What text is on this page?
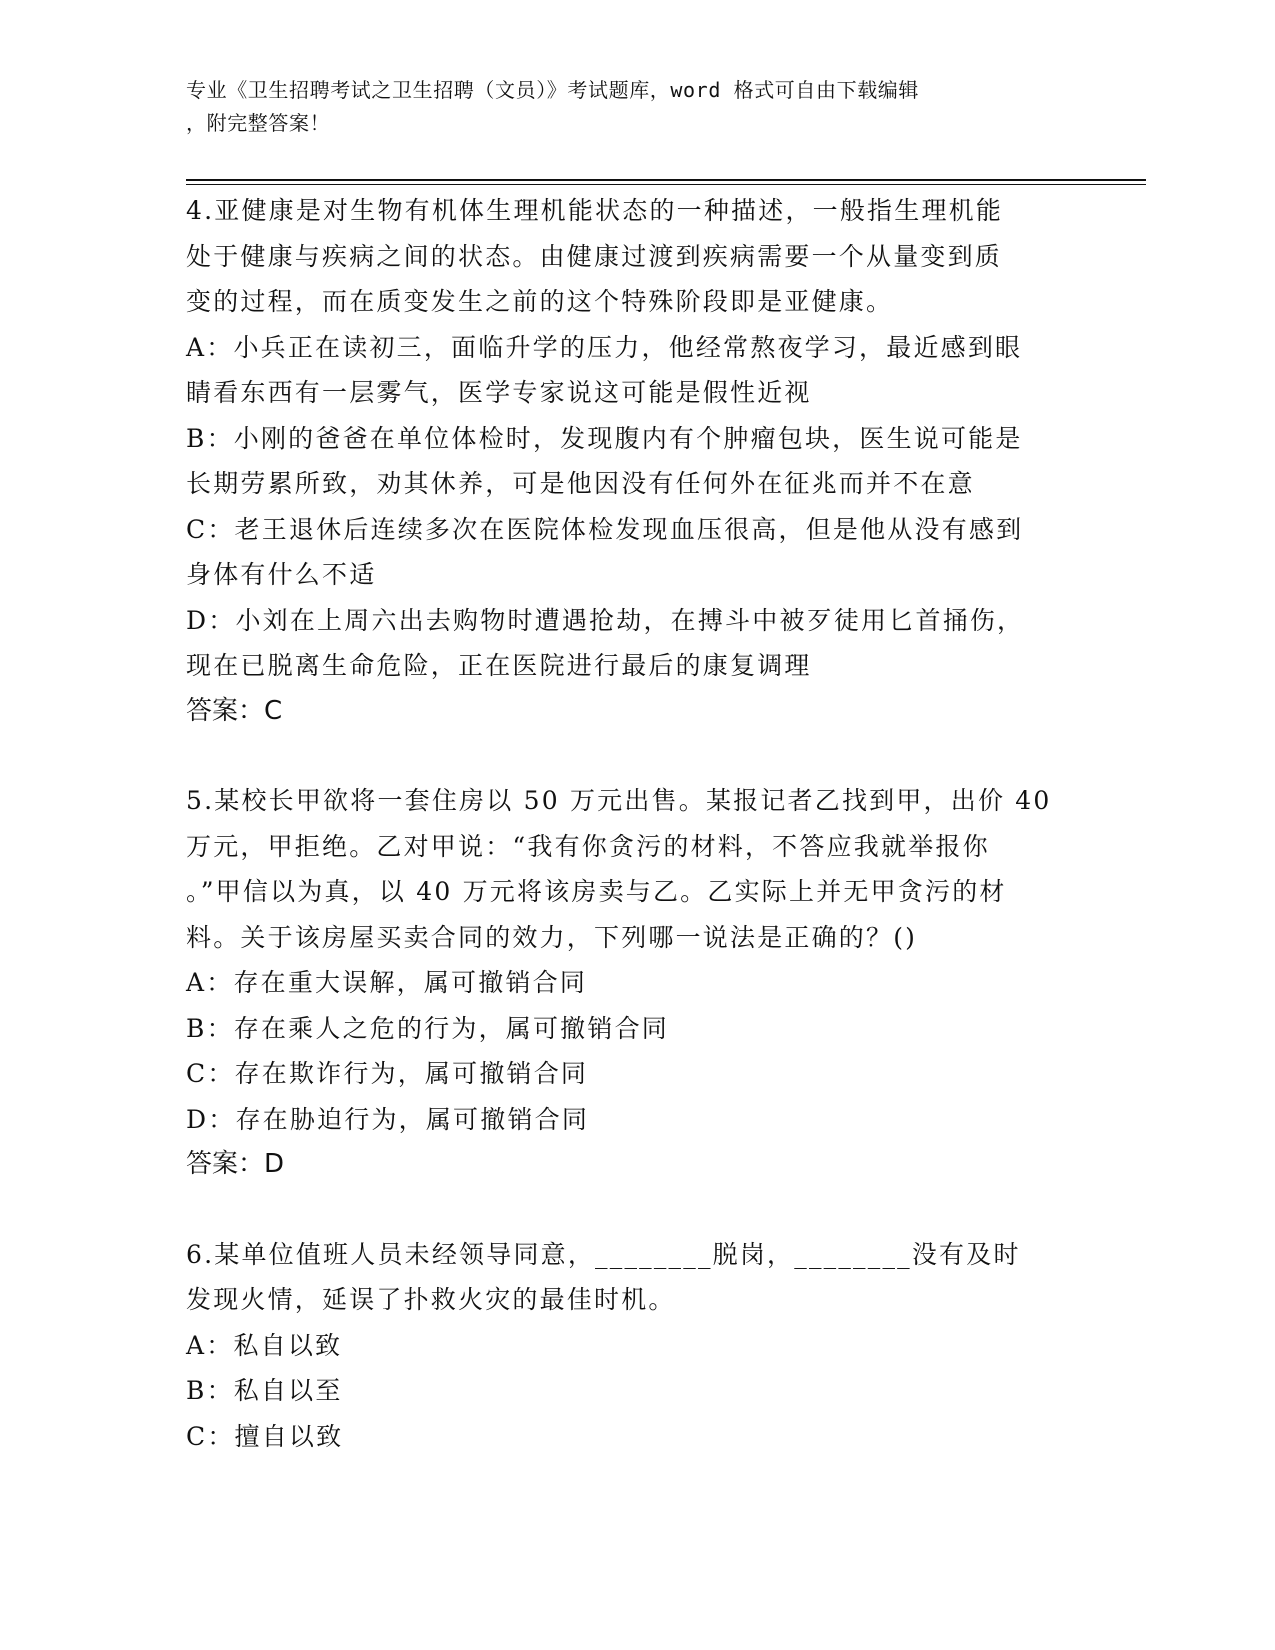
专业《卫生招聘考试之卫生招聘（文员）》考试题库，word 格式可自由下载编辑
，附完整答案！
4.亚健康是对生物有机体生理机能状态的一种描述，一般指生理机能
处于健康与疾病之间的状态。由健康过渡到疾病需要一个从量变到质
变的过程，而在质变发生之前的这个特殊阶段即是亚健康。
A：小兵正在读初三，面临升学的压力，他经常熬夜学习，最近感到眼
睛看东西有一层雾气，医学专家说这可能是假性近视
B：小刚的爸爸在单位体检时，发现腹内有个肿瘤包块，医生说可能是
长期劳累所致，劝其休养，可是他因没有任何外在征兆而并不在意
C：老王退休后连续多次在医院体检发现血压很高，但是他从没有感到
身体有什么不适
D：小刘在上周六出去购物时遭遇抢劫，在搏斗中被歹徒用匕首捅伤，
现在已脱离生命危险，正在医院进行最后的康复调理
答案：C
5.某校长甲欲将一套住房以 50 万元出售。某报记者乙找到甲，出价 40
万元，甲拒绝。乙对甲说：“我有你贪污的材料，不答应我就举报你
。”甲信以为真，以 40 万元将该房卖与乙。乙实际上并无甲贪污的材
料。关于该房屋买卖合同的效力，下列哪一说法是正确的？()
A：存在重大误解，属可撤销合同
B：存在乘人之危的行为，属可撤销合同
C：存在欺诈行为，属可撤销合同
D：存在胁迫行为，属可撤销合同
答案：D
6.某单位值班人员未经领导同意，________脱岗，________没有及时
发现火情，延误了扑救火灾的最佳时机。
A：私自以致
B：私自以至
C：擅自以致
